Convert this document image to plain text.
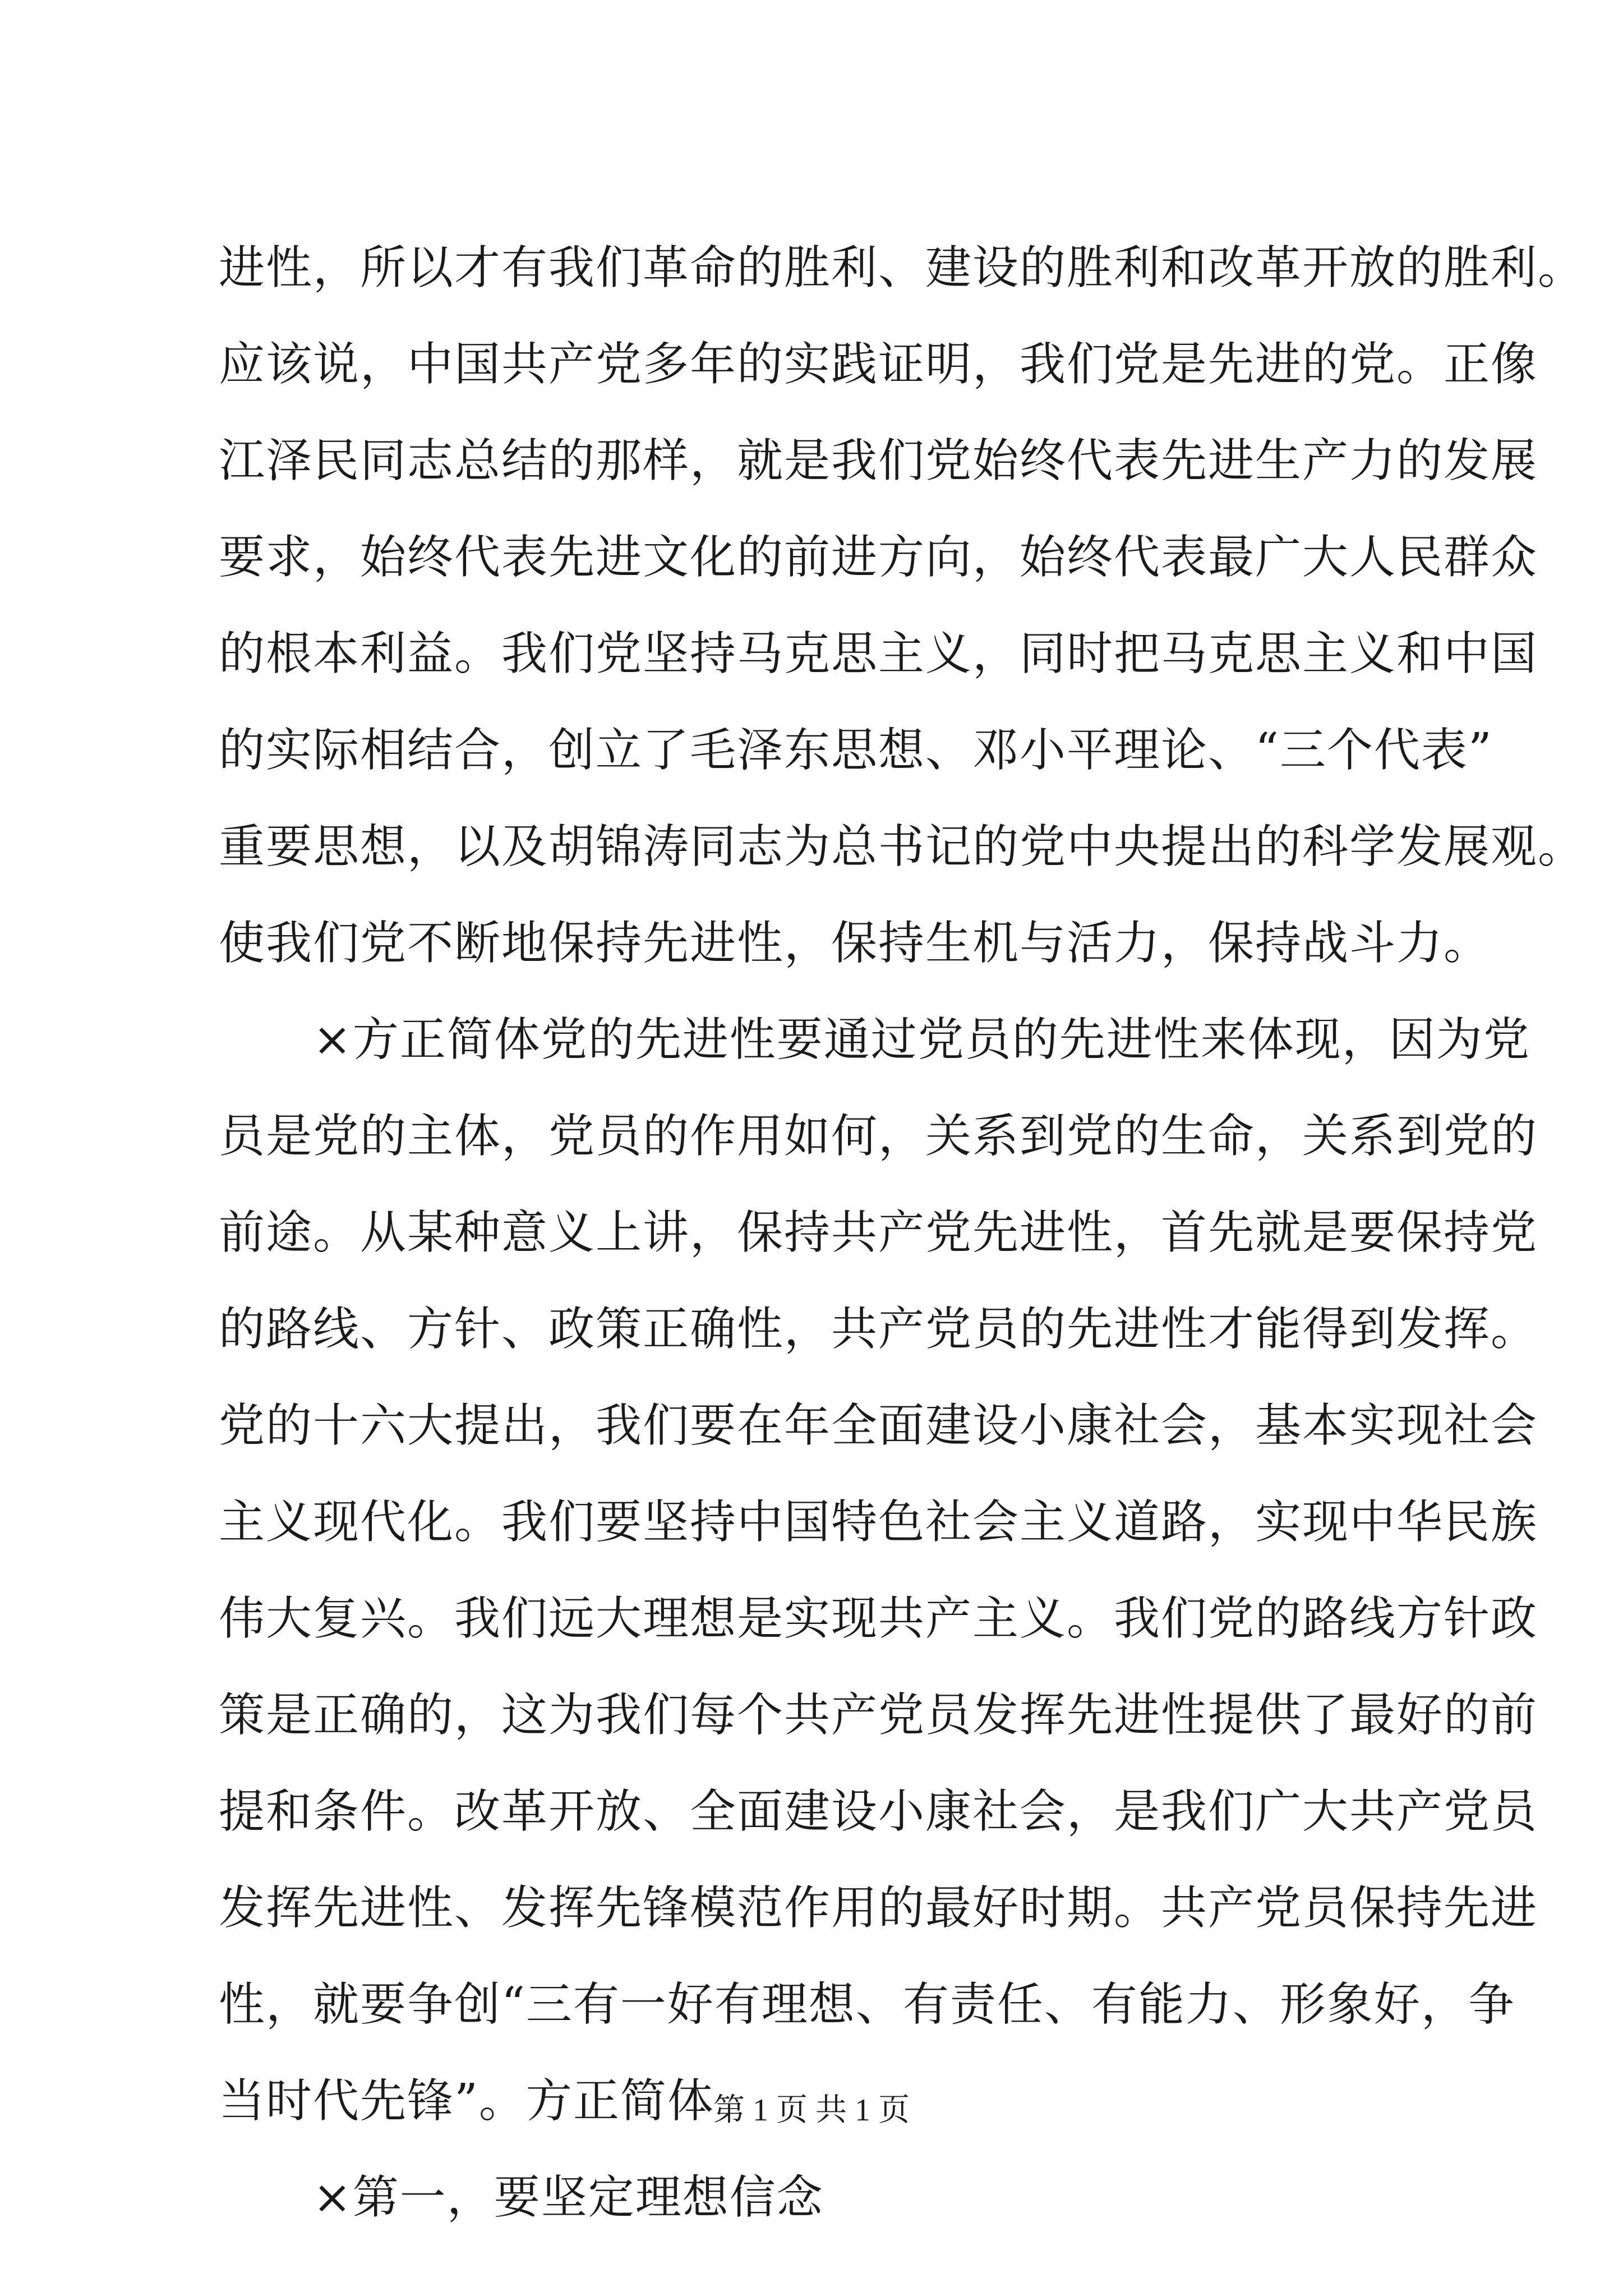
进性，所以才有我们革命的胜利、建设的胜利和改革开放的胜利。
应该说，中国共产党多年的实践证明，我们党是先进的党。正像
江泽民同志总结的那样，就是我们党始终代表先进生产力的发展
要求，始终代表先进文化的前进方向，始终代表最广大人民群众
的根本利益。我们党坚持马克思主义，同时把马克思主义和中国
的实际相结合，创立了毛泽东思想、邓小平理论、“三个代表”
重要思想，以及胡锦涛同志为总书记的党中央提出的科学发展观。
使我们党不断地保持先进性，保持生机与活力，保持战斗力。
　　×方正简体党的先进性要通过党员的先进性来体现，因为党
员是党的主体，党员的作用如何，关系到党的生命，关系到党的
前途。从某种意义上讲，保持共产党先进性，首先就是要保持党
的路线、方针、政策正确性，共产党员的先进性才能得到发挥。
党的十六大提出，我们要在年全面建设小康社会，基本实现社会
主义现代化。我们要坚持中国特色社会主义道路，实现中华民族
伟大复兴。我们远大理想是实现共产主义。我们党的路线方针政
策是正确的，这为我们每个共产党员发挥先进性提供了最好的前
提和条件。改革开放、全面建设小康社会，是我们广大共产党员
发挥先进性、发挥先锋模范作用的最好时期。共产党员保持先进
性，就要争创“三有一好有理想、有责任、有能力、形象好，争
当时代先锋”。方正简体
　　×第一，要坚定理想信念
第 1 页 共 1 页
